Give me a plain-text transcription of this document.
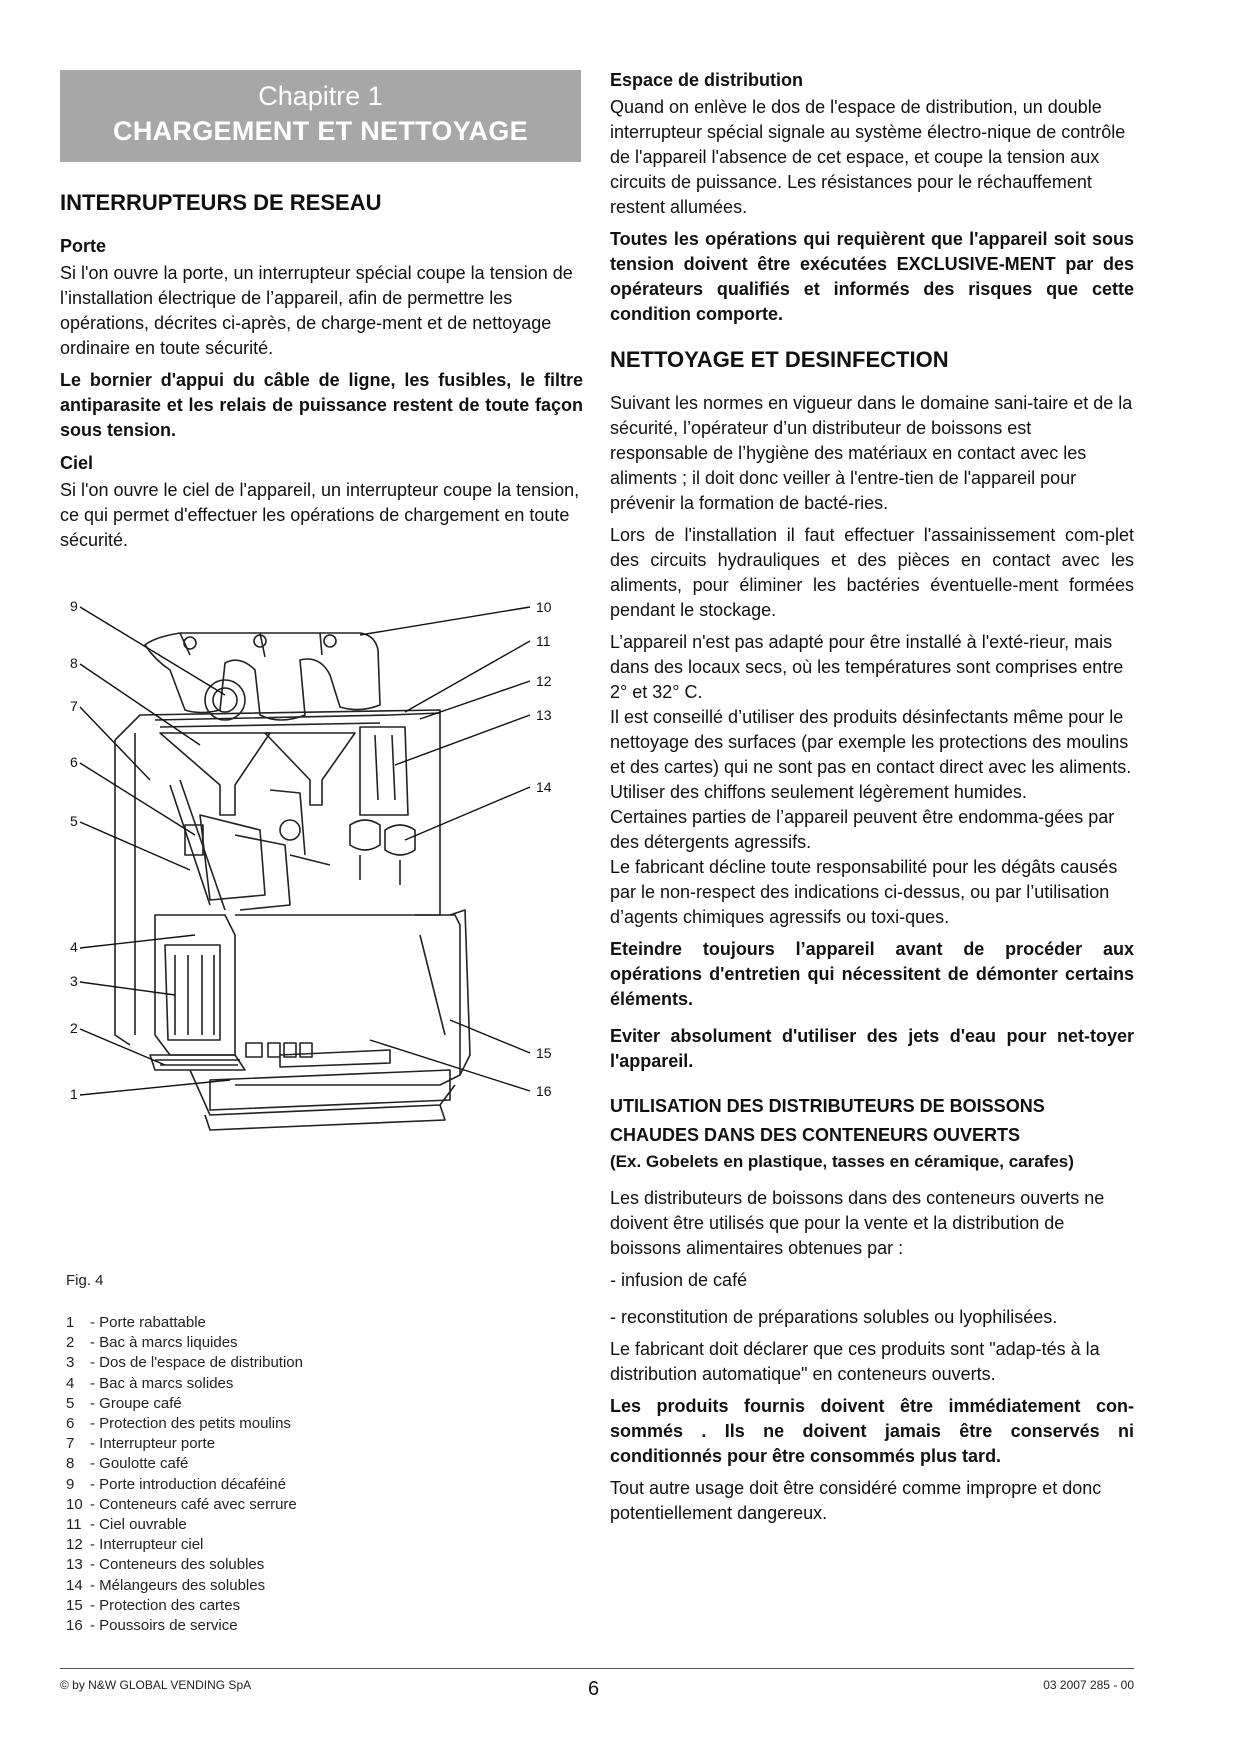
Chapitre 1
CHARGEMENT ET NETTOYAGE
INTERRUPTEURS DE RESEAU
Porte

Si l'on ouvre la porte, un interrupteur spécial coupe la tension de l’installation électrique de l’appareil, afin de permettre les opérations, décrites ci-après, de charge-ment et de nettoyage ordinaire en toute sécurité.

Le bornier d'appui du câble de ligne, les fusibles, le filtre antiparasite et les relais de puissance restent de toute façon sous tension.

Ciel

Si l'on ouvre le ciel de l'appareil, un interrupteur coupe la tension, ce qui permet d'effectuer les opérations de chargement en toute sécurité.

9
8
7
6
5
4
3
2
1
10
11
12
13
14
15
16
Fig. 4
1 - Porte rabattable
2 - Bac à marcs liquides
3 - Dos de l'espace de distribution
4 - Bac à marcs solides
5 - Groupe café
6 - Protection des petits moulins
7 - Interrupteur porte
8 - Goulotte café
9 - Porte introduction décaféiné
10 - Conteneurs café avec serrure
11 - Ciel ouvrable
12 - Interrupteur ciel
13 - Conteneurs des solubles
14 - Mélangeurs des solubles
15 - Protection des cartes
16 - Poussoirs de service
Espace de distribution

Quand on enlève le dos de l'espace de distribution, un double interrupteur spécial signale au système électro-nique de contrôle de l'appareil l'absence de cet espace, et coupe la tension aux circuits de puissance. Les résistances pour le réchauffement restent allumées.

Toutes les opérations qui requièrent que l'appareil soit sous tension doivent être exécutées EXCLUSIVE-MENT par des opérateurs qualifiés et informés des risques que cette condition comporte.

NETTOYAGE ET DESINFECTION

Suivant les normes en vigueur dans le domaine sani-taire et de la sécurité, l’opérateur d’un distributeur de boissons est responsable de l’hygiène des matériaux en contact avec les aliments ; il doit donc veiller à l'entre-tien de l'appareil pour prévenir la formation de bacté-ries.

Lors de l'installation il faut effectuer l'assainissement com-plet des circuits hydrauliques et des pièces en contact avec les aliments, pour éliminer les bactéries éventuelle-ment formées pendant le stockage.

L’appareil n'est pas adapté pour être installé à l'exté-rieur, mais dans des locaux secs, où les températures sont comprises entre 2° et 32° C.

Il est conseillé d’utiliser des produits désinfectants même pour le nettoyage des surfaces (par exemple les protections des moulins et des cartes) qui ne sont pas en contact direct avec les aliments. Utiliser des chiffons seulement légèrement humides.

Certaines parties de l’appareil peuvent être endomma-gées par des détergents agressifs.

Le fabricant décline toute responsabilité pour les dégâts causés par le non-respect des indications ci-dessus, ou par l’utilisation d’agents chimiques agressifs ou toxi-ques.

Eteindre toujours l’appareil avant de procéder aux opérations d'entretien qui nécessitent de démonter certains éléments.

Eviter absolument d'utiliser des jets d'eau pour net-toyer l'appareil.

UTILISATION DES DISTRIBUTEURS DE BOISSONS
CHAUDES DANS DES CONTENEURS OUVERTS
(Ex. Gobelets en plastique, tasses en céramique, carafes)

Les distributeurs de boissons dans des conteneurs ouverts ne doivent être utilisés que pour la vente et la distribution de boissons alimentaires obtenues par :

- infusion de café

- reconstitution de préparations solubles ou lyophilisées.

Le fabricant doit déclarer que ces produits sont "adap-tés à la distribution automatique" en conteneurs ouverts.

Les produits fournis doivent être immédiatement con-sommés . Ils ne doivent jamais être conservés ni conditionnés pour être consommés plus tard.

Tout autre usage doit être considéré comme impropre et donc potentiellement dangereux.

© by N&W GLOBAL VENDING SpA	6	03 2007 285 - 00
